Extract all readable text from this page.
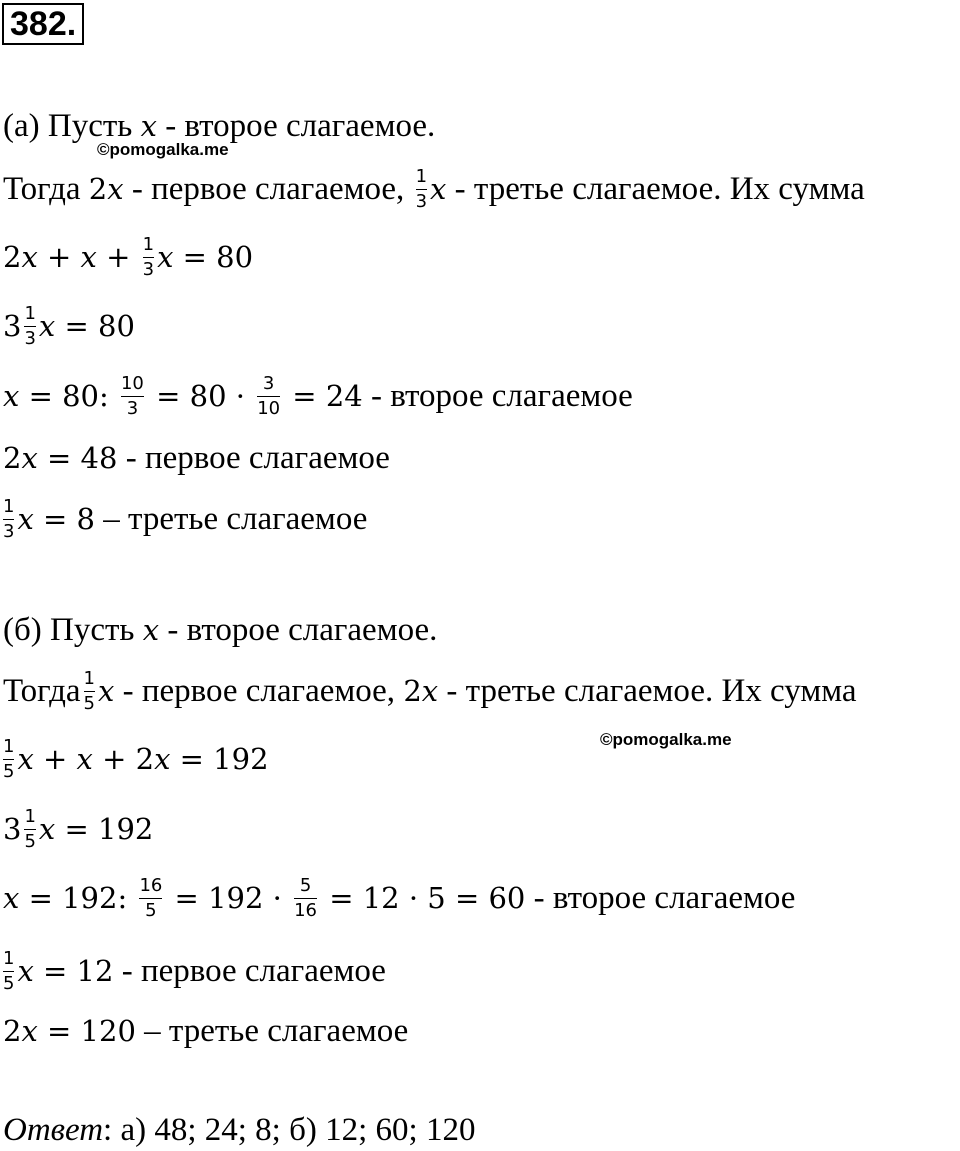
382.
©pomogalka.me
©pomogalka.me
(а) Пусть 𝑥 - второе слагаемое.
Тогда 2𝑥 - первое слагаемое, $\frac{1}{3}$ 𝑥 - третье слагаемое. Их сумма
2𝑥 + 𝑥 + $\frac{1}{3}$ 𝑥 = 80
$3 \frac{1}{3}$ 𝑥 = 80
𝑥 = 80: $\frac{10}{3} = 80 \cdot \frac{3}{10} = 24$ - второе слагаемое
2𝑥 = 48 - первое слагаемое
$\frac{1}{3}$ 𝑥 = 8 – третье слагаемое
(б) Пусть 𝑥 - второе слагаемое.
Тогда $\frac{1}{5}$ 𝑥 - первое слагаемое, 2𝑥 - третье слагаемое. Их сумма
$\frac{1}{5}$ 𝑥 + 𝑥 + 2𝑥 = 192
$3 \frac{1}{5}$ 𝑥 = 192
𝑥 = 192: $\frac{16}{5} = 192 \cdot \frac{5}{16} = 12 \cdot 5 = 60$ - второе слагаемое
$\frac{1}{5}$ 𝑥 = 12 - первое слагаемое
2𝑥 = 120 – третье слагаемое
Ответ: а) 48; 24; 8; б) 12; 60; 120
